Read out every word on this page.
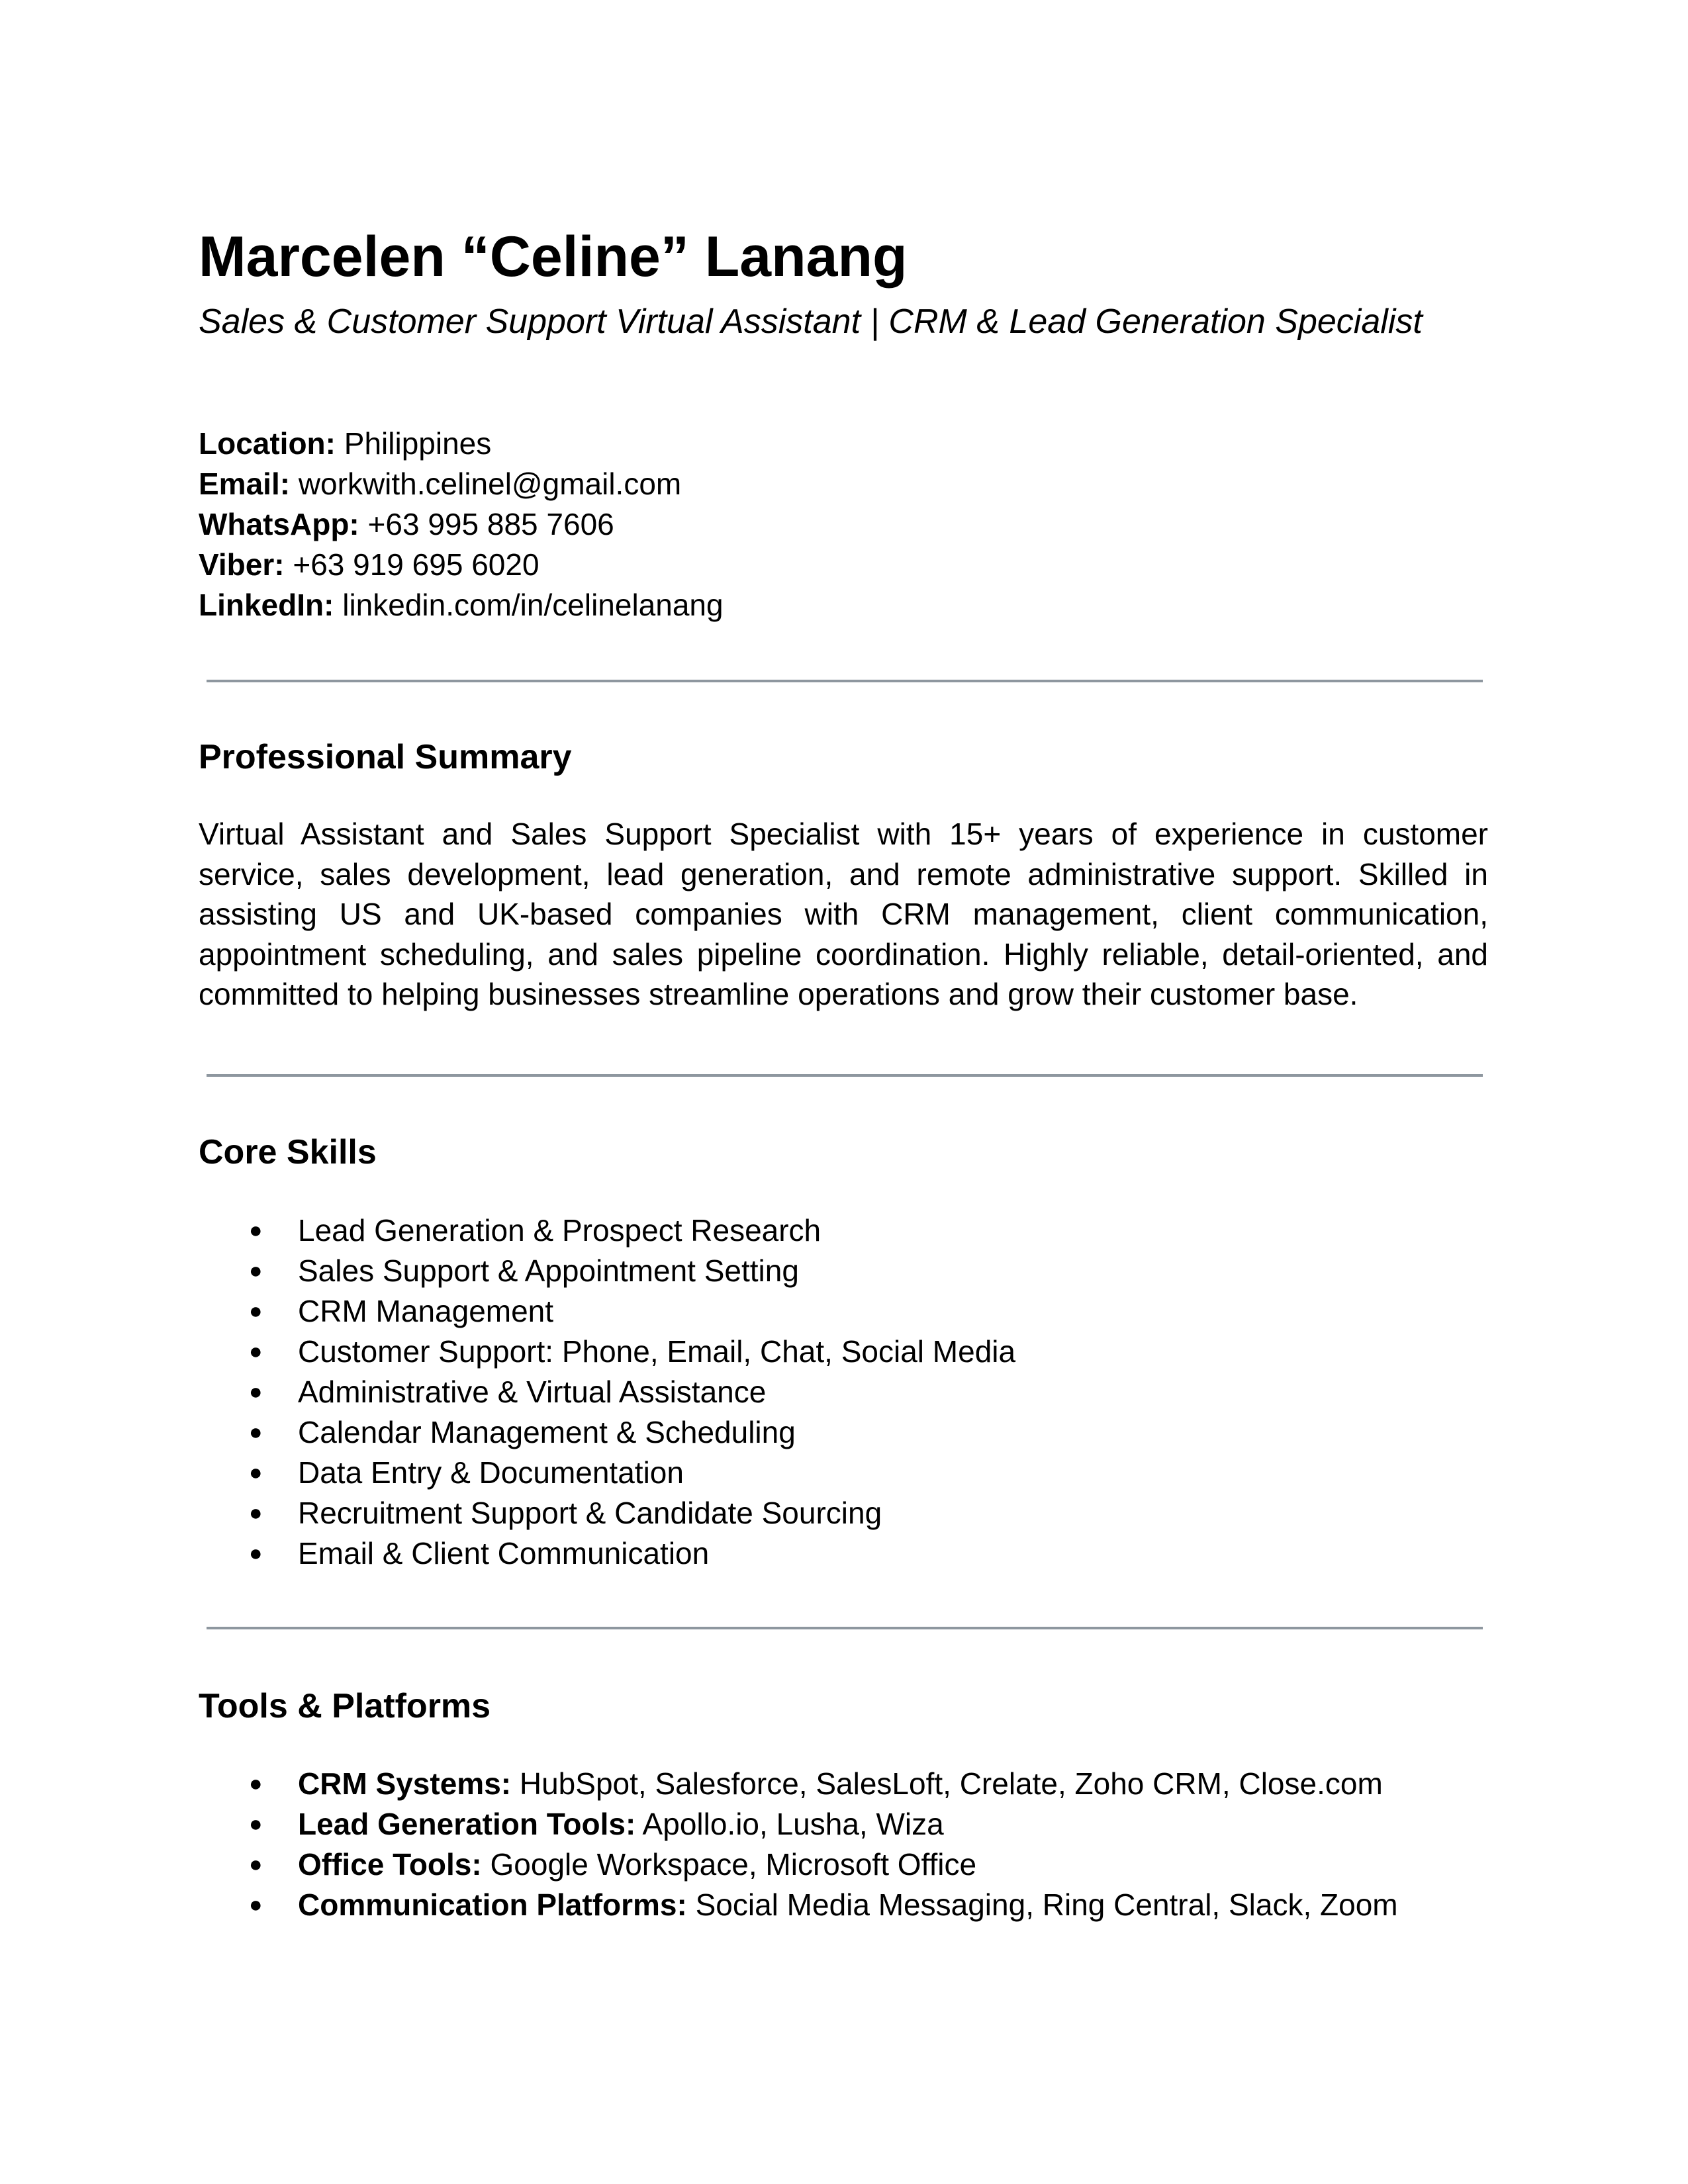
Marcelen “Celine” Lanang
Sales & Customer Support Virtual Assistant | CRM & Lead Generation Specialist
Location: Philippines
Email: workwith.celinel@gmail.com
WhatsApp: +63 995 885 7606
Viber: +63 919 695 6020
LinkedIn: linkedin.com/in/celinelanang
Professional Summary
Virtual Assistant and Sales Support Specialist with 15+ years of experience in customer service, sales development, lead generation, and remote administrative support. Skilled in assisting US and UK-based companies with CRM management, client communication, appointment scheduling, and sales pipeline coordination. Highly reliable, detail-oriented, and committed to helping businesses streamline operations and grow their customer base.
Core Skills
● Lead Generation & Prospect Research
● Sales Support & Appointment Setting
● CRM Management
● Customer Support: Phone, Email, Chat, Social Media
● Administrative & Virtual Assistance
● Calendar Management & Scheduling
● Data Entry & Documentation
● Recruitment Support & Candidate Sourcing
● Email & Client Communication
Tools & Platforms
● CRM Systems: HubSpot, Salesforce, SalesLoft, Crelate, Zoho CRM, Close.com
● Lead Generation Tools: Apollo.io, Lusha, Wiza
● Office Tools: Google Workspace, Microsoft Office
● Communication Platforms: Social Media Messaging, Ring Central, Slack, Zoom
